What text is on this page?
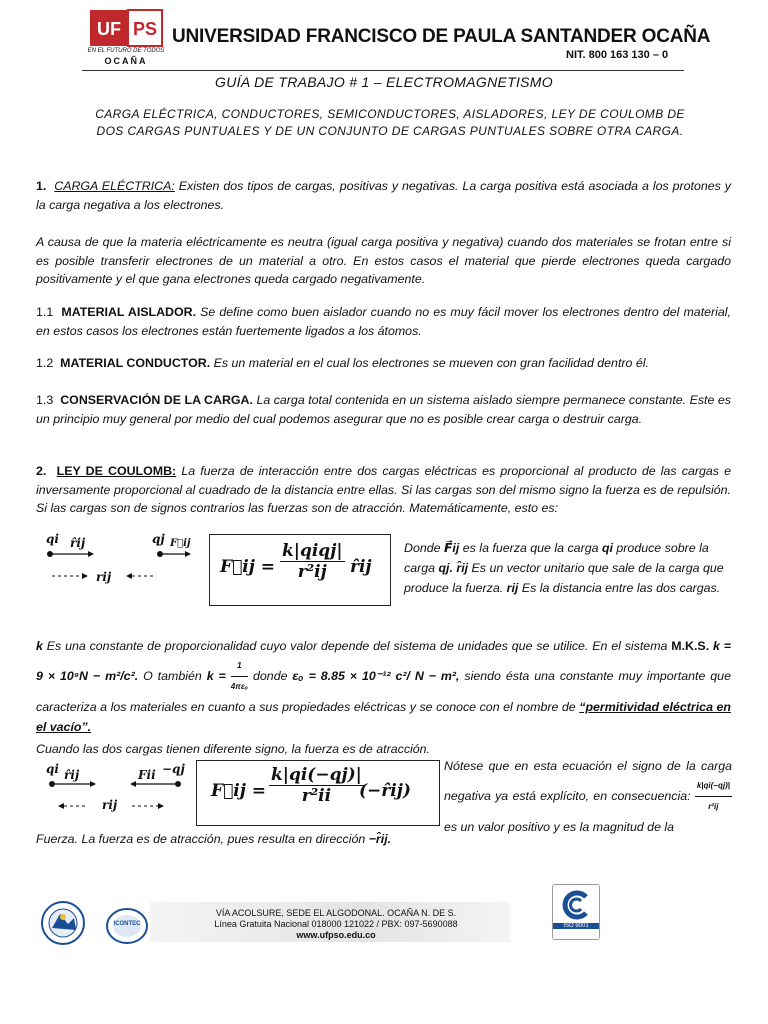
UF PS
EN EL FUTURO DE TODOS
OCAÑA
UNIVERSIDAD FRANCISCO DE PAULA SANTANDER OCAÑA
NIT. 800 163 130 – 0
GUÍA DE TRABAJO # 1 – ELECTROMAGNETISMO
CARGA ELÉCTRICA, CONDUCTORES, SEMICONDUCTORES, AISLADORES, LEY DE COULOMB DE DOS CARGAS PUNTUALES Y DE UN CONJUNTO DE CARGAS PUNTUALES SOBRE OTRA CARGA.

1. CARGA ELÉCTRICA: Existen dos tipos de cargas, positivas y negativas. La carga positiva está asociada a los protones y la carga negativa a los electrones.

A causa de que la materia eléctricamente es neutra (igual carga positiva y negativa) cuando dos materiales se frotan entre si es posible transferir electrones de un material a otro. En estos casos el material que pierde electrones queda cargado positivamente y el que gana electrones queda cargado negativamente.

1.1 MATERIAL AISLADOR. Se define como buen aislador cuando no es muy fácil mover los electrones dentro del material, en estos casos los electrones están fuertemente ligados a los átomos.

1.2 MATERIAL CONDUCTOR. Es un material en el cual los electrones se mueven con gran facilidad dentro él.

1.3 CONSERVACIÓN DE LA CARGA. La carga total contenida en un sistema aislado siempre permanece constante. Este es un principio muy general por medio del cual podemos asegurar que no es posible crear carga o destruir carga.

2. LEY DE COULOMB: La fuerza de interacción entre dos cargas eléctricas es proporcional al producto de las cargas e inversamente proporcional al cuadrado de la distancia entre ellas. Si las cargas son del mismo signo la fuerza es de repulsión. Si las cargas son de signos contrarios las fuerzas son de atracción. Matemáticamente, esto es:

qi r̂ij	qj F⃗ij
rij	F⃗ij =
k|qiqj|
r²ij	r̂ij

Donde F⃗ij es la fuerza que la carga qi produce sobre la carga qj. r̂ij Es un vector unitario que sale de la carga que produce la fuerza. rij Es la distancia entre las dos cargas.

k Es una constante de proporcionalidad cuyo valor depende del sistema de unidades que se utilice. En el sistema M.K.S. k = 9 × 10⁹N − m²/c². O también $k = \frac{1}{\text{4πεₒ}}$ donde εₒ = 8.85 × 10⁻¹² c²/ N − m², siendo ésta una constante muy importante que caracteriza a los materiales en cuanto a sus propiedades eléctricas y se conoce con el nombre de “permitividad eléctrica en el vacío”.

Cuando las dos cargas tienen diferente signo, la fuerza es de atracción.

qi r̂ij	Fii −qj
rij
F⃗ij = $\frac{k|qi(-qj)|}{\text{r²ii}}$
(−r̂ij)

Nótese que en esta ecuación el signo de la carga negativa ya está explícito, en consecuencia: $\frac{k|qi(-qj)|}{\text{r²ij}}$
es un valor positivo y es la magnitud de la

Fuerza. La fuerza es de atracción, pues resulta en dirección −r̂ij.

ICONTEC
VÍA ACOLSURE, SEDE EL ALGODONAL. OCAÑA N. DE S.
Línea Gratuita Nacional 018000 121022 / PBX: 097-5690088
www.ufpso.edu.co
ISO 9001
